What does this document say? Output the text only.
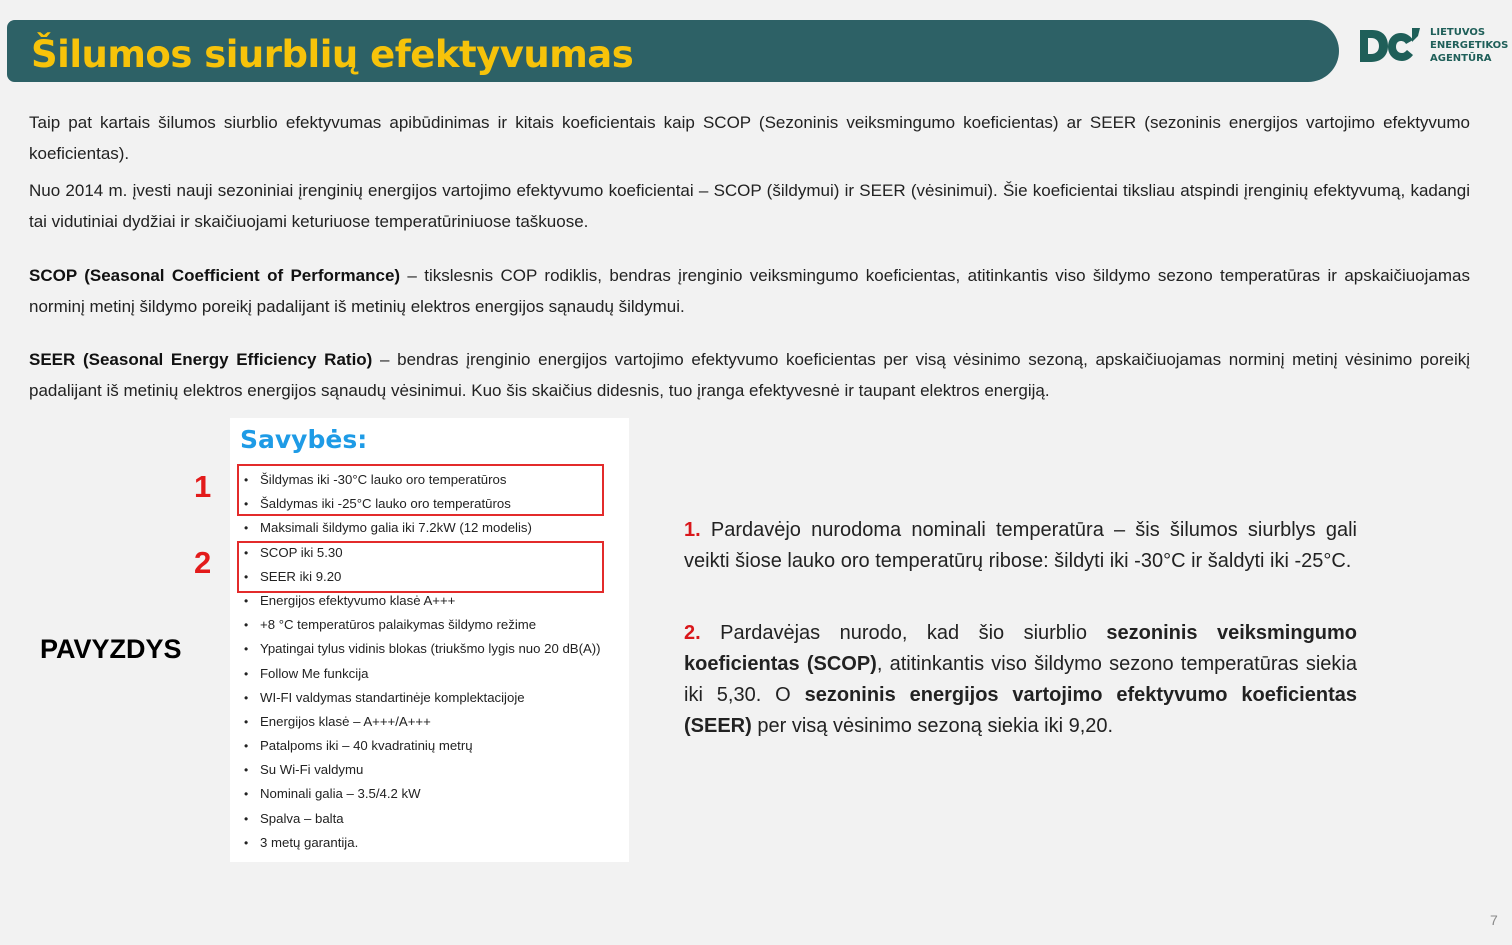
Šilumos siurblių efektyvumas
LIETUVOS
ENERGETIKOS
AGENTŪRA
Taip pat kartais šilumos siurblio efektyvumas apibūdinimas ir kitais koeficientais kaip SCOP (Sezoninis veiksmingumo koeficientas) ar SEER (sezoninis energijos vartojimo efektyvumo koeficientas).
Nuo 2014 m. įvesti nauji sezoniniai įrenginių energijos vartojimo efektyvumo koeficientai – SCOP (šildymui) ir SEER (vėsinimui). Šie koeficientai tiksliau atspindi įrenginių efektyvumą, kadangi tai vidutiniai dydžiai ir skaičiuojami keturiuose temperatūriniuose taškuose.
SCOP (Seasonal Coefficient of Performance) – tikslesnis COP rodiklis, bendras įrenginio veiksmingumo koeficientas, atitinkantis viso šildymo sezono temperatūras ir apskaičiuojamas norminį metinį šildymo poreikį padalijant iš metinių elektros energijos sąnaudų šildymui.
SEER (Seasonal Energy Efficiency Ratio) – bendras įrenginio energijos vartojimo efektyvumo koeficientas per visą vėsinimo sezoną, apskaičiuojamas norminį metinį vėsinimo poreikį padalijant iš metinių elektros energijos sąnaudų vėsinimui. Kuo šis skaičius didesnis, tuo įranga efektyvesnė ir taupant elektros energiją.
PAVYZDYS
Savybės:
• Šildymas iki -30°C lauko oro temperatūros
• Šaldymas iki -25°C lauko oro temperatūros
• Maksimali šildymo galia iki 7.2kW (12 modelis)
• SCOP iki 5.30
• SEER iki 9.20
• Energijos efektyvumo klasė A+++
• +8 °C temperatūros palaikymas šildymo režime
• Ypatingai tylus vidinis blokas (triukšmo lygis nuo 20 dB(A))
• Follow Me funkcija
• WI-FI valdymas standartinėje komplektacijoje
• Energijos klasė – A+++/A+++
• Patalpoms iki – 40 kvadratinių metrų
• Su Wi-Fi valdymu
• Nominali galia – 3.5/4.2 kW
• Spalva – balta
• 3 metų garantija.
1
2
1. Pardavėjo nurodoma nominali temperatūra – šis šilumos siurblys gali veikti šiose lauko oro temperatūrų ribose: šildyti iki -30°C ir šaldyti iki -25°C.
2. Pardavėjas nurodo, kad šio siurblio sezoninis veiksmingumo koeficientas (SCOP), atitinkantis viso šildymo sezono temperatūras siekia iki 5,30. O sezoninis energijos vartojimo efektyvumo koeficientas (SEER) per visą vėsinimo sezoną siekia iki 9,20.
7
